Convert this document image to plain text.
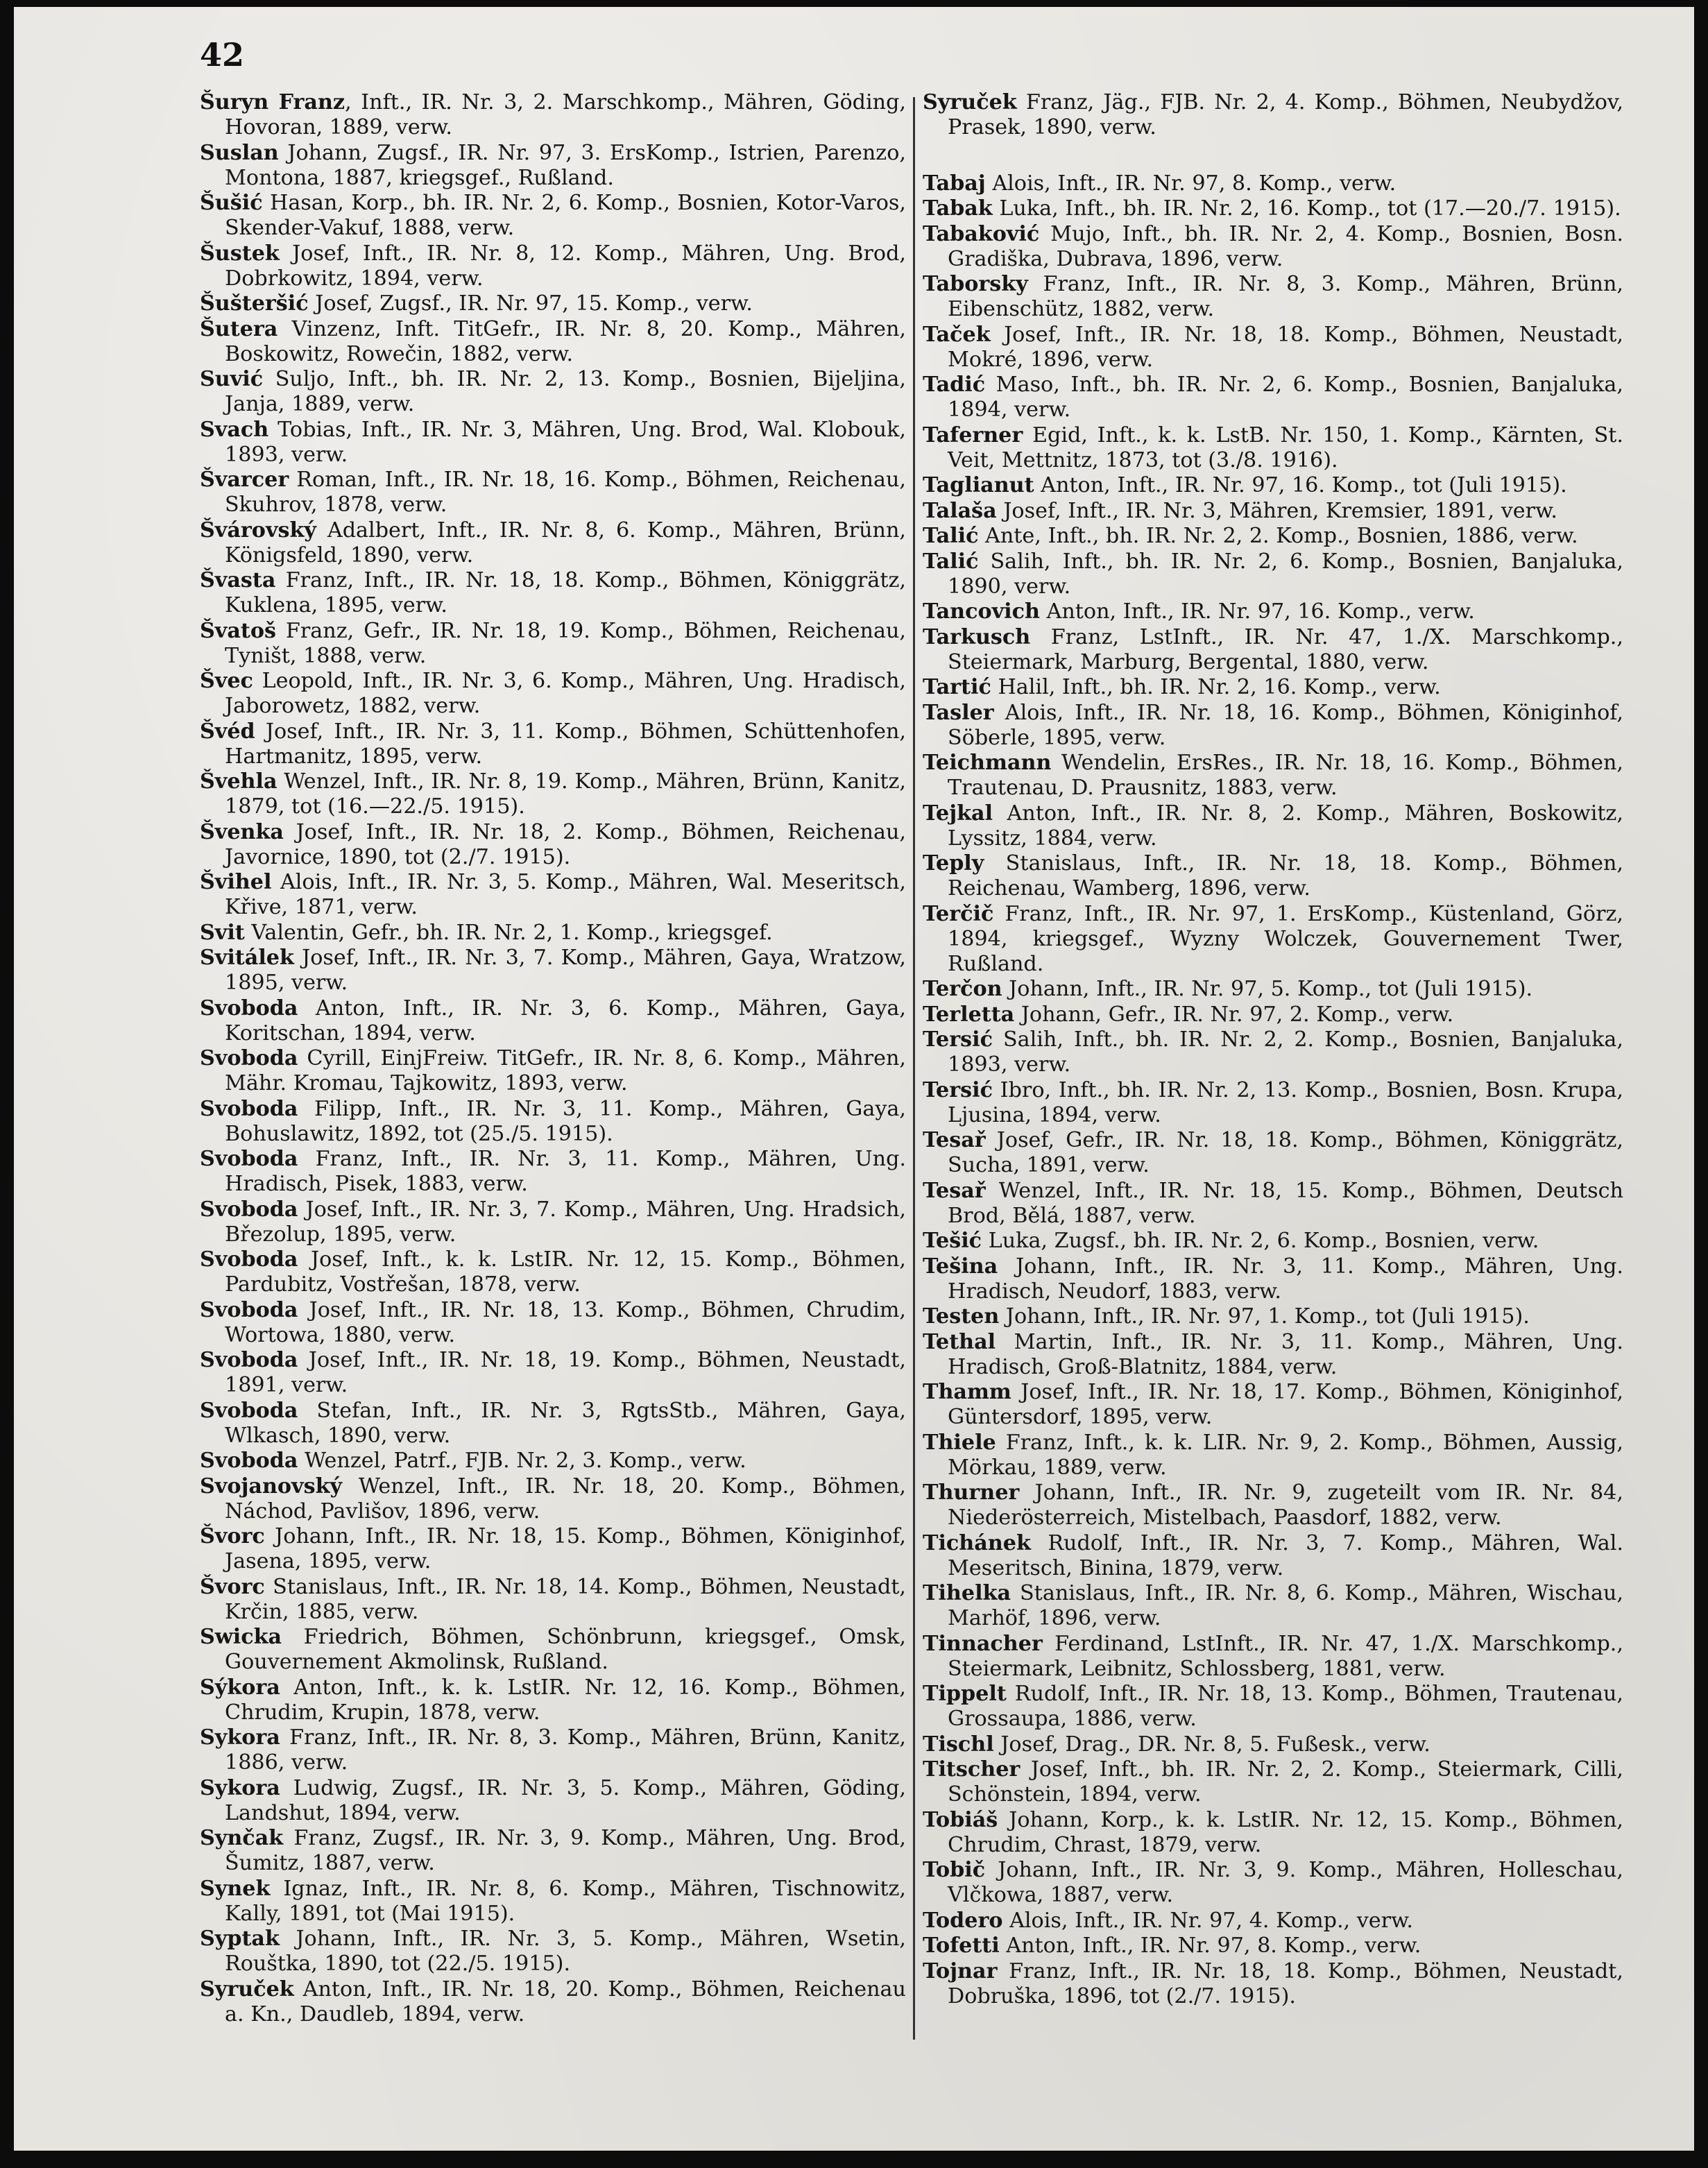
42
Šuryn Franz, Inft., IR. Nr. 3, 2. Marschkomp., Mähren, Göding, Hovoran, 1889, verw.
Suslan Johann, Zugsf., IR. Nr. 97, 3. ErsKomp., Istrien, Parenzo, Montona, 1887, kriegsgef., Rußland.
Šušić Hasan, Korp., bh. IR. Nr. 2, 6. Komp., Bosnien, Kotor-Varos, Skender-Vakuf, 1888, verw.
Šustek Josef, Inft., IR. Nr. 8, 12. Komp., Mähren, Ung. Brod, Dobrkowitz, 1894, verw.
Šušteršić Josef, Zugsf., IR. Nr. 97, 15. Komp., verw.
Šutera Vinzenz, Inft. TitGefr., IR. Nr. 8, 20. Komp., Mähren, Boskowitz, Rowečin, 1882, verw.
Suvić Suljo, Inft., bh. IR. Nr. 2, 13. Komp., Bosnien, Bijeljina, Janja, 1889, verw.
Svach Tobias, Inft., IR. Nr. 3, Mähren, Ung. Brod, Wal. Klobouk, 1893, verw.
Švarcer Roman, Inft., IR. Nr. 18, 16. Komp., Böhmen, Reichenau, Skuhrov, 1878, verw.
Švárovský Adalbert, Inft., IR. Nr. 8, 6. Komp., Mähren, Brünn, Königsfeld, 1890, verw.
Švasta Franz, Inft., IR. Nr. 18, 18. Komp., Böhmen, Königgrätz, Kuklena, 1895, verw.
Švatoš Franz, Gefr., IR. Nr. 18, 19. Komp., Böhmen, Reichenau, Tyništ, 1888, verw.
Švec Leopold, Inft., IR. Nr. 3, 6. Komp., Mähren, Ung. Hradisch, Jaborowetz, 1882, verw.
Švéd Josef, Inft., IR. Nr. 3, 11. Komp., Böhmen, Schüttenhofen, Hartmanitz, 1895, verw.
Švehla Wenzel, Inft., IR. Nr. 8, 19. Komp., Mähren, Brünn, Kanitz, 1879, tot (16.—22./5. 1915).
Švenka Josef, Inft., IR. Nr. 18, 2. Komp., Böhmen, Reichenau, Javornice, 1890, tot (2./7. 1915).
Švihel Alois, Inft., IR. Nr. 3, 5. Komp., Mähren, Wal. Meseritsch, Křive, 1871, verw.
Svit Valentin, Gefr., bh. IR. Nr. 2, 1. Komp., kriegsgef.
Svitálek Josef, Inft., IR. Nr. 3, 7. Komp., Mähren, Gaya, Wratzow, 1895, verw.
Svoboda Anton, Inft., IR. Nr. 3, 6. Komp., Mähren, Gaya, Koritschan, 1894, verw.
Svoboda Cyrill, EinjFreiw. TitGefr., IR. Nr. 8, 6. Komp., Mähren, Mähr. Kromau, Tajkowitz, 1893, verw.
Svoboda Filipp, Inft., IR. Nr. 3, 11. Komp., Mähren, Gaya, Bohuslawitz, 1892, tot (25./5. 1915).
Svoboda Franz, Inft., IR. Nr. 3, 11. Komp., Mähren, Ung. Hradisch, Pisek, 1883, verw.
Svoboda Josef, Inft., IR. Nr. 3, 7. Komp., Mähren, Ung. Hradsich, Březolup, 1895, verw.
Svoboda Josef, Inft., k. k. LstIR. Nr. 12, 15. Komp., Böhmen, Pardubitz, Vostřešan, 1878, verw.
Svoboda Josef, Inft., IR. Nr. 18, 13. Komp., Böhmen, Chrudim, Wortowa, 1880, verw.
Svoboda Josef, Inft., IR. Nr. 18, 19. Komp., Böhmen, Neustadt, 1891, verw.
Svoboda Stefan, Inft., IR. Nr. 3, RgtsStb., Mähren, Gaya, Wlkasch, 1890, verw.
Svoboda Wenzel, Patrf., FJB. Nr. 2, 3. Komp., verw.
Svojanovský Wenzel, Inft., IR. Nr. 18, 20. Komp., Böhmen, Náchod, Pavlišov, 1896, verw.
Švorc Johann, Inft., IR. Nr. 18, 15. Komp., Böhmen, Königinhof, Jasena, 1895, verw.
Švorc Stanislaus, Inft., IR. Nr. 18, 14. Komp., Böhmen, Neustadt, Krčin, 1885, verw.
Swicka Friedrich, Böhmen, Schönbrunn, kriegsgef., Omsk, Gouvernement Akmolinsk, Rußland.
Sýkora Anton, Inft., k. k. LstIR. Nr. 12, 16. Komp., Böhmen, Chrudim, Krupin, 1878, verw.
Sykora Franz, Inft., IR. Nr. 8, 3. Komp., Mähren, Brünn, Kanitz, 1886, verw.
Sykora Ludwig, Zugsf., IR. Nr. 3, 5. Komp., Mähren, Göding, Landshut, 1894, verw.
Synčak Franz, Zugsf., IR. Nr. 3, 9. Komp., Mähren, Ung. Brod, Šumitz, 1887, verw.
Synek Ignaz, Inft., IR. Nr. 8, 6. Komp., Mähren, Tischnowitz, Kally, 1891, tot (Mai 1915).
Syptak Johann, Inft., IR. Nr. 3, 5. Komp., Mähren, Wsetin, Rouštka, 1890, tot (22./5. 1915).
Syruček Anton, Inft., IR. Nr. 18, 20. Komp., Böhmen, Reichenau a. Kn., Daudleb, 1894, verw.
Syruček Franz, Jäg., FJB. Nr. 2, 4. Komp., Böhmen, Neubydžov, Prasek, 1890, verw.
Tabaj Alois, Inft., IR. Nr. 97, 8. Komp., verw.
Tabak Luka, Inft., bh. IR. Nr. 2, 16. Komp., tot (17.—20./7. 1915).
Tabaković Mujo, Inft., bh. IR. Nr. 2, 4. Komp., Bosnien, Bosn. Gradiška, Dubrava, 1896, verw.
Taborsky Franz, Inft., IR. Nr. 8, 3. Komp., Mähren, Brünn, Eibenschütz, 1882, verw.
Taček Josef, Inft., IR. Nr. 18, 18. Komp., Böhmen, Neustadt, Mokré, 1896, verw.
Tadić Maso, Inft., bh. IR. Nr. 2, 6. Komp., Bosnien, Banjaluka, 1894, verw.
Taferner Egid, Inft., k. k. LstB. Nr. 150, 1. Komp., Kärnten, St. Veit, Mettnitz, 1873, tot (3./8. 1916).
Taglianut Anton, Inft., IR. Nr. 97, 16. Komp., tot (Juli 1915).
Talaša Josef, Inft., IR. Nr. 3, Mähren, Kremsier, 1891, verw.
Talić Ante, Inft., bh. IR. Nr. 2, 2. Komp., Bosnien, 1886, verw.
Talić Salih, Inft., bh. IR. Nr. 2, 6. Komp., Bosnien, Banjaluka, 1890, verw.
Tancovich Anton, Inft., IR. Nr. 97, 16. Komp., verw.
Tarkusch Franz, LstInft., IR. Nr. 47, 1./X. Marschkomp., Steiermark, Marburg, Bergental, 1880, verw.
Tartić Halil, Inft., bh. IR. Nr. 2, 16. Komp., verw.
Tasler Alois, Inft., IR. Nr. 18, 16. Komp., Böhmen, Königinhof, Söberle, 1895, verw.
Teichmann Wendelin, ErsRes., IR. Nr. 18, 16. Komp., Böhmen, Trautenau, D. Prausnitz, 1883, verw.
Tejkal Anton, Inft., IR. Nr. 8, 2. Komp., Mähren, Boskowitz, Lyssitz, 1884, verw.
Teply Stanislaus, Inft., IR. Nr. 18, 18. Komp., Böhmen, Reichenau, Wamberg, 1896, verw.
Terčič Franz, Inft., IR. Nr. 97, 1. ErsKomp., Küstenland, Görz, 1894, kriegsgef., Wyzny Wolczek, Gouvernement Twer, Rußland.
Terčon Johann, Inft., IR. Nr. 97, 5. Komp., tot (Juli 1915).
Terletta Johann, Gefr., IR. Nr. 97, 2. Komp., verw.
Tersić Salih, Inft., bh. IR. Nr. 2, 2. Komp., Bosnien, Banjaluka, 1893, verw.
Tersić Ibro, Inft., bh. IR. Nr. 2, 13. Komp., Bosnien, Bosn. Krupa, Ljusina, 1894, verw.
Tesař Josef, Gefr., IR. Nr. 18, 18. Komp., Böhmen, Königgrätz, Sucha, 1891, verw.
Tesař Wenzel, Inft., IR. Nr. 18, 15. Komp., Böhmen, Deutsch Brod, Bělá, 1887, verw.
Tešić Luka, Zugsf., bh. IR. Nr. 2, 6. Komp., Bosnien, verw.
Tešina Johann, Inft., IR. Nr. 3, 11. Komp., Mähren, Ung. Hradisch, Neudorf, 1883, verw.
Testen Johann, Inft., IR. Nr. 97, 1. Komp., tot (Juli 1915).
Tethal Martin, Inft., IR. Nr. 3, 11. Komp., Mähren, Ung. Hradisch, Groß-Blatnitz, 1884, verw.
Thamm Josef, Inft., IR. Nr. 18, 17. Komp., Böhmen, Königinhof, Güntersdorf, 1895, verw.
Thiele Franz, Inft., k. k. LIR. Nr. 9, 2. Komp., Böhmen, Aussig, Mörkau, 1889, verw.
Thurner Johann, Inft., IR. Nr. 9, zugeteilt vom IR. Nr. 84, Niederösterreich, Mistelbach, Paasdorf, 1882, verw.
Tichánek Rudolf, Inft., IR. Nr. 3, 7. Komp., Mähren, Wal. Meseritsch, Binina, 1879, verw.
Tihelka Stanislaus, Inft., IR. Nr. 8, 6. Komp., Mähren, Wischau, Marhöf, 1896, verw.
Tinnacher Ferdinand, LstInft., IR. Nr. 47, 1./X. Marschkomp., Steiermark, Leibnitz, Schlossberg, 1881, verw.
Tippelt Rudolf, Inft., IR. Nr. 18, 13. Komp., Böhmen, Trautenau, Grossaupa, 1886, verw.
Tischl Josef, Drag., DR. Nr. 8, 5. Fußesk., verw.
Titscher Josef, Inft., bh. IR. Nr. 2, 2. Komp., Steiermark, Cilli, Schönstein, 1894, verw.
Tobiáš Johann, Korp., k. k. LstIR. Nr. 12, 15. Komp., Böhmen, Chrudim, Chrast, 1879, verw.
Tobič Johann, Inft., IR. Nr. 3, 9. Komp., Mähren, Holleschau, Vlčkowa, 1887, verw.
Todero Alois, Inft., IR. Nr. 97, 4. Komp., verw.
Tofetti Anton, Inft., IR. Nr. 97, 8. Komp., verw.
Tojnar Franz, Inft., IR. Nr. 18, 18. Komp., Böhmen, Neustadt, Dobruška, 1896, tot (2./7. 1915).
